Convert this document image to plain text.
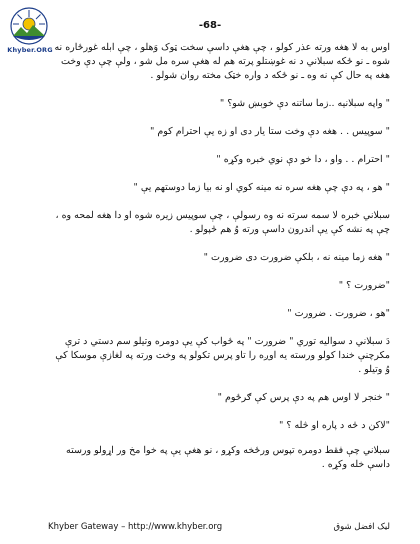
Khyber.ORG
-68-

اوس به لا هغه ورته عذر کولو ، چې هغې داسې سخت ټوک وَهلو ، چې ابله غورځاره نه شوه ـ نو ځکه سبلاني د نه غوښتلو پرته هم له هغې سره مل شو ، ولې چې دې وخت هغه په حال کې نه وه ـ نو ځکه د واره خټک مخته روان شولو .

" واپه سبلانيه ..زما ساتنه دې خوبښ شو؟ "

" سوپیس . . هغه دې وخت ستا یار دی او زه یې احترام کوم "

" احترام . . واو ، دا خو دې نوي خبره وکړه "

" هو ، په دې چې هغه سره نه مینه کوي او نه بیا زما دوستهم یې "

سبلاني خبره لا سمه سرته نه وه رسولې ، چې سوپیس زیره شوه او دا هغه لمحه وه ، چې په نشه کې یې اندرون داسې ورته وُ هم څپولو .

" هغه زما مینه نه ، بلکې ضرورت دی ضرورت "

"ضرورت ؟ "

"هو ، ضرورت . ضرورت "

دَ سبلاني د سواليه توري " ضرورت " په ځواب کې يې دومره وتيلو سم دستي د ترې مکرچنې خندا کولو ورسته یه اوږه را تاو پرس تکولو په وخت ورته په لغازې موسکا کې وُ وتیلو .

" خنجر لا اوس هم په دې پرس کې ګرځوم "

"لاکن د څه د پاره او څله ؟ "

سبلاني چې فقط دومره تپوس ورځخه وکړو ، نو هغې یې په خوا مخ ور اړولو ورسته داسې خله وکړه .

Khyber Gateway – http://www.khyber.org	لیک افضل شوق
